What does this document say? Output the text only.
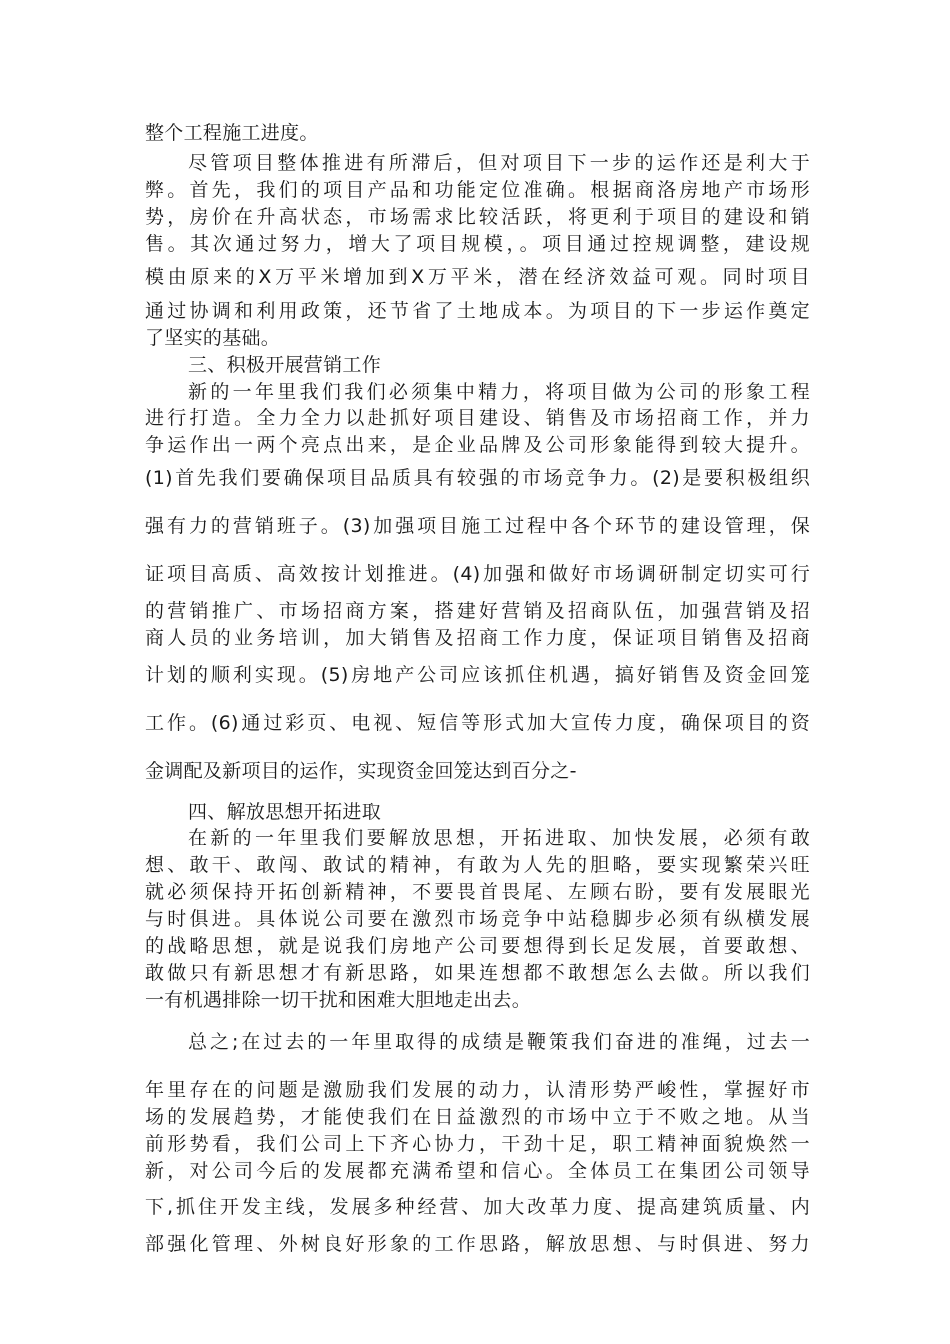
整个工程施工进度。
尽管项目整体推进有所滞后，但对项目下一步的运作还是利大于
弊。首先，我们的项目产品和功能定位准确。根据商洛房地产市场形
势，房价在升高状态，市场需求比较活跃，将更利于项目的建设和销
售。其次通过努力，增大了项目规模，。项目通过控规调整，建设规
模由原来的X万平米增加到X万平米，潜在经济效益可观。同时项目
通过协调和利用政策，还节省了土地成本。为项目的下一步运作奠定
了坚实的基础。
三、积极开展营销工作
新的一年里我们我们必须集中精力，将项目做为公司的形象工程
进行打造。全力全力以赴抓好项目建设、销售及市场招商工作，并力
争运作出一两个亮点出来，是企业品牌及公司形象能得到较大提升。
(1)首先我们要确保项目品质具有较强的市场竞争力。(2)是要积极组织
强有力的营销班子。(3)加强项目施工过程中各个环节的建设管理，保
证项目高质、高效按计划推进。(4)加强和做好市场调研制定切实可行
的营销推广、市场招商方案，搭建好营销及招商队伍，加强营销及招
商人员的业务培训，加大销售及招商工作力度，保证项目销售及招商
计划的顺利实现。(5)房地产公司应该抓住机遇，搞好销售及资金回笼
工作。(6)通过彩页、电视、短信等形式加大宣传力度，确保项目的资
金调配及新项目的运作，实现资金回笼达到百分之-
四、解放思想开拓进取
在新的一年里我们要解放思想，开拓进取、加快发展，必须有敢
想、敢干、敢闯、敢试的精神，有敢为人先的胆略，要实现繁荣兴旺
就必须保持开拓创新精神，不要畏首畏尾、左顾右盼，要有发展眼光
与时俱进。具体说公司要在激烈市场竞争中站稳脚步必须有纵横发展
的战略思想，就是说我们房地产公司要想得到长足发展，首要敢想、
敢做只有新思想才有新思路，如果连想都不敢想怎么去做。所以我们
一有机遇排除一切干扰和困难大胆地走出去。
总之;在过去的一年里取得的成绩是鞭策我们奋进的准绳，过去一
年里存在的问题是激励我们发展的动力，认清形势严峻性，掌握好市
场的发展趋势，才能使我们在日益激烈的市场中立于不败之地。从当
前形势看，我们公司上下齐心协力，干劲十足，职工精神面貌焕然一
新，对公司今后的发展都充满希望和信心。全体员工在集团公司领导
下,抓住开发主线，发展多种经营、加大改革力度、提高建筑质量、内
部强化管理、外树良好形象的工作思路，解放思想、与时俱进、努力
